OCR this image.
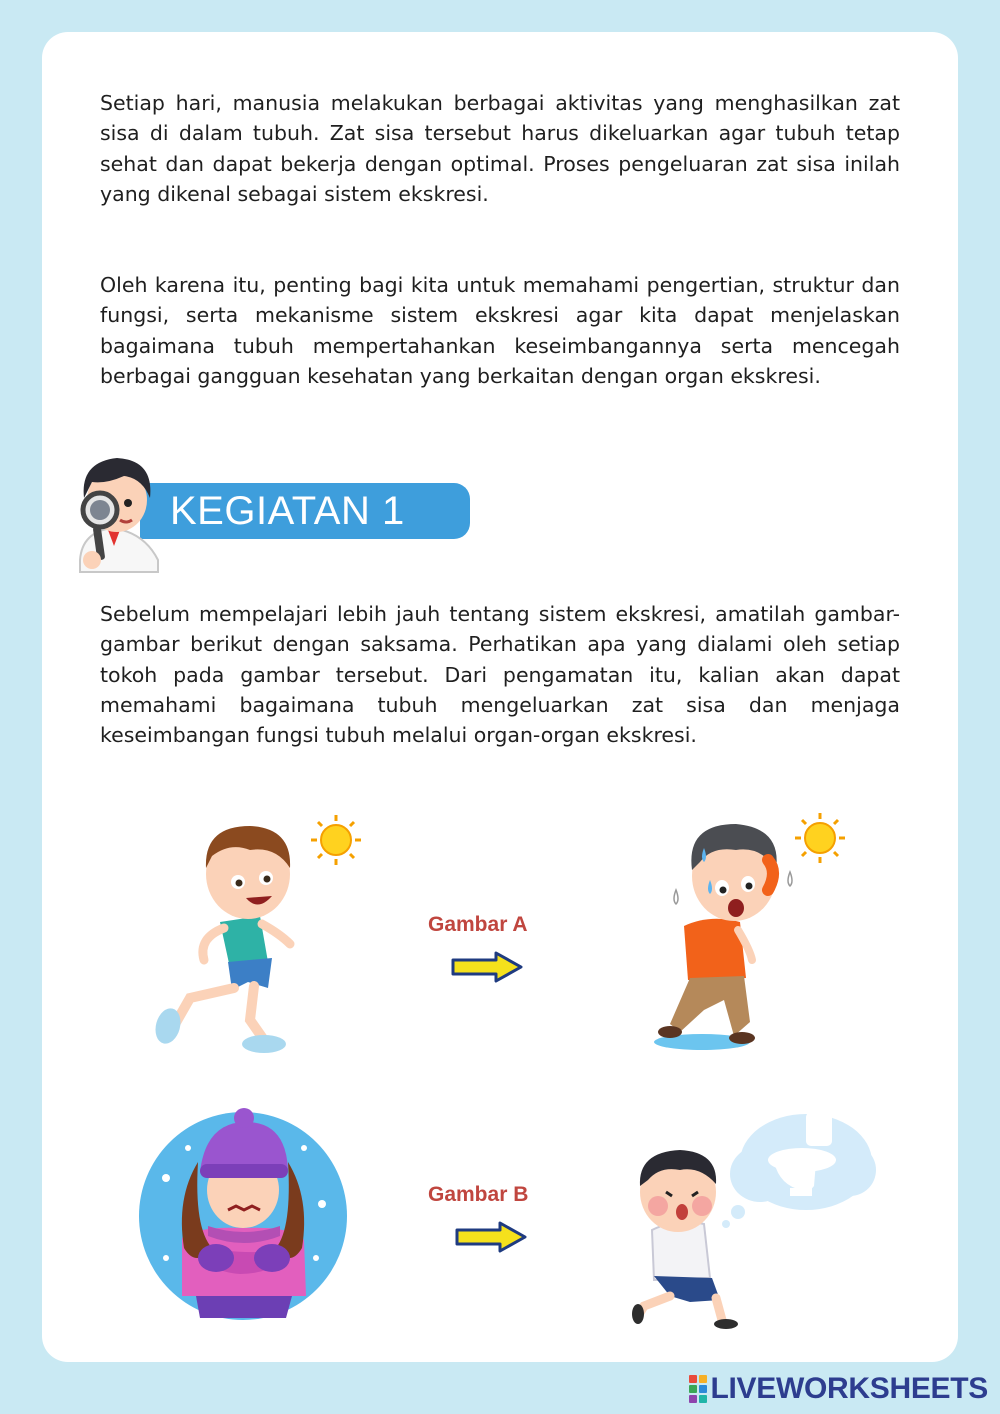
Setiap hari, manusia melakukan berbagai aktivitas yang menghasilkan zat sisa di dalam tubuh. Zat sisa tersebut harus dikeluarkan agar tubuh tetap sehat dan dapat bekerja dengan optimal. Proses pengeluaran zat sisa inilah yang dikenal sebagai sistem ekskresi.

Oleh karena itu, penting bagi kita untuk memahami pengertian, struktur dan fungsi, serta mekanisme sistem ekskresi agar kita dapat menjelaskan bagaimana tubuh mempertahankan keseimbangannya serta mencegah berbagai gangguan kesehatan yang berkaitan dengan organ ekskresi.

KEGIATAN 1

Sebelum mempelajari lebih jauh tentang sistem ekskresi, amatilah gambar-gambar berikut dengan saksama. Perhatikan apa yang dialami oleh setiap tokoh pada gambar tersebut. Dari pengamatan itu, kalian akan dapat memahami bagaimana tubuh mengeluarkan zat sisa dan menjaga keseimbangan fungsi tubuh melalui organ-organ ekskresi.

Gambar A
Gambar B
LIVEWORKSHEETS
